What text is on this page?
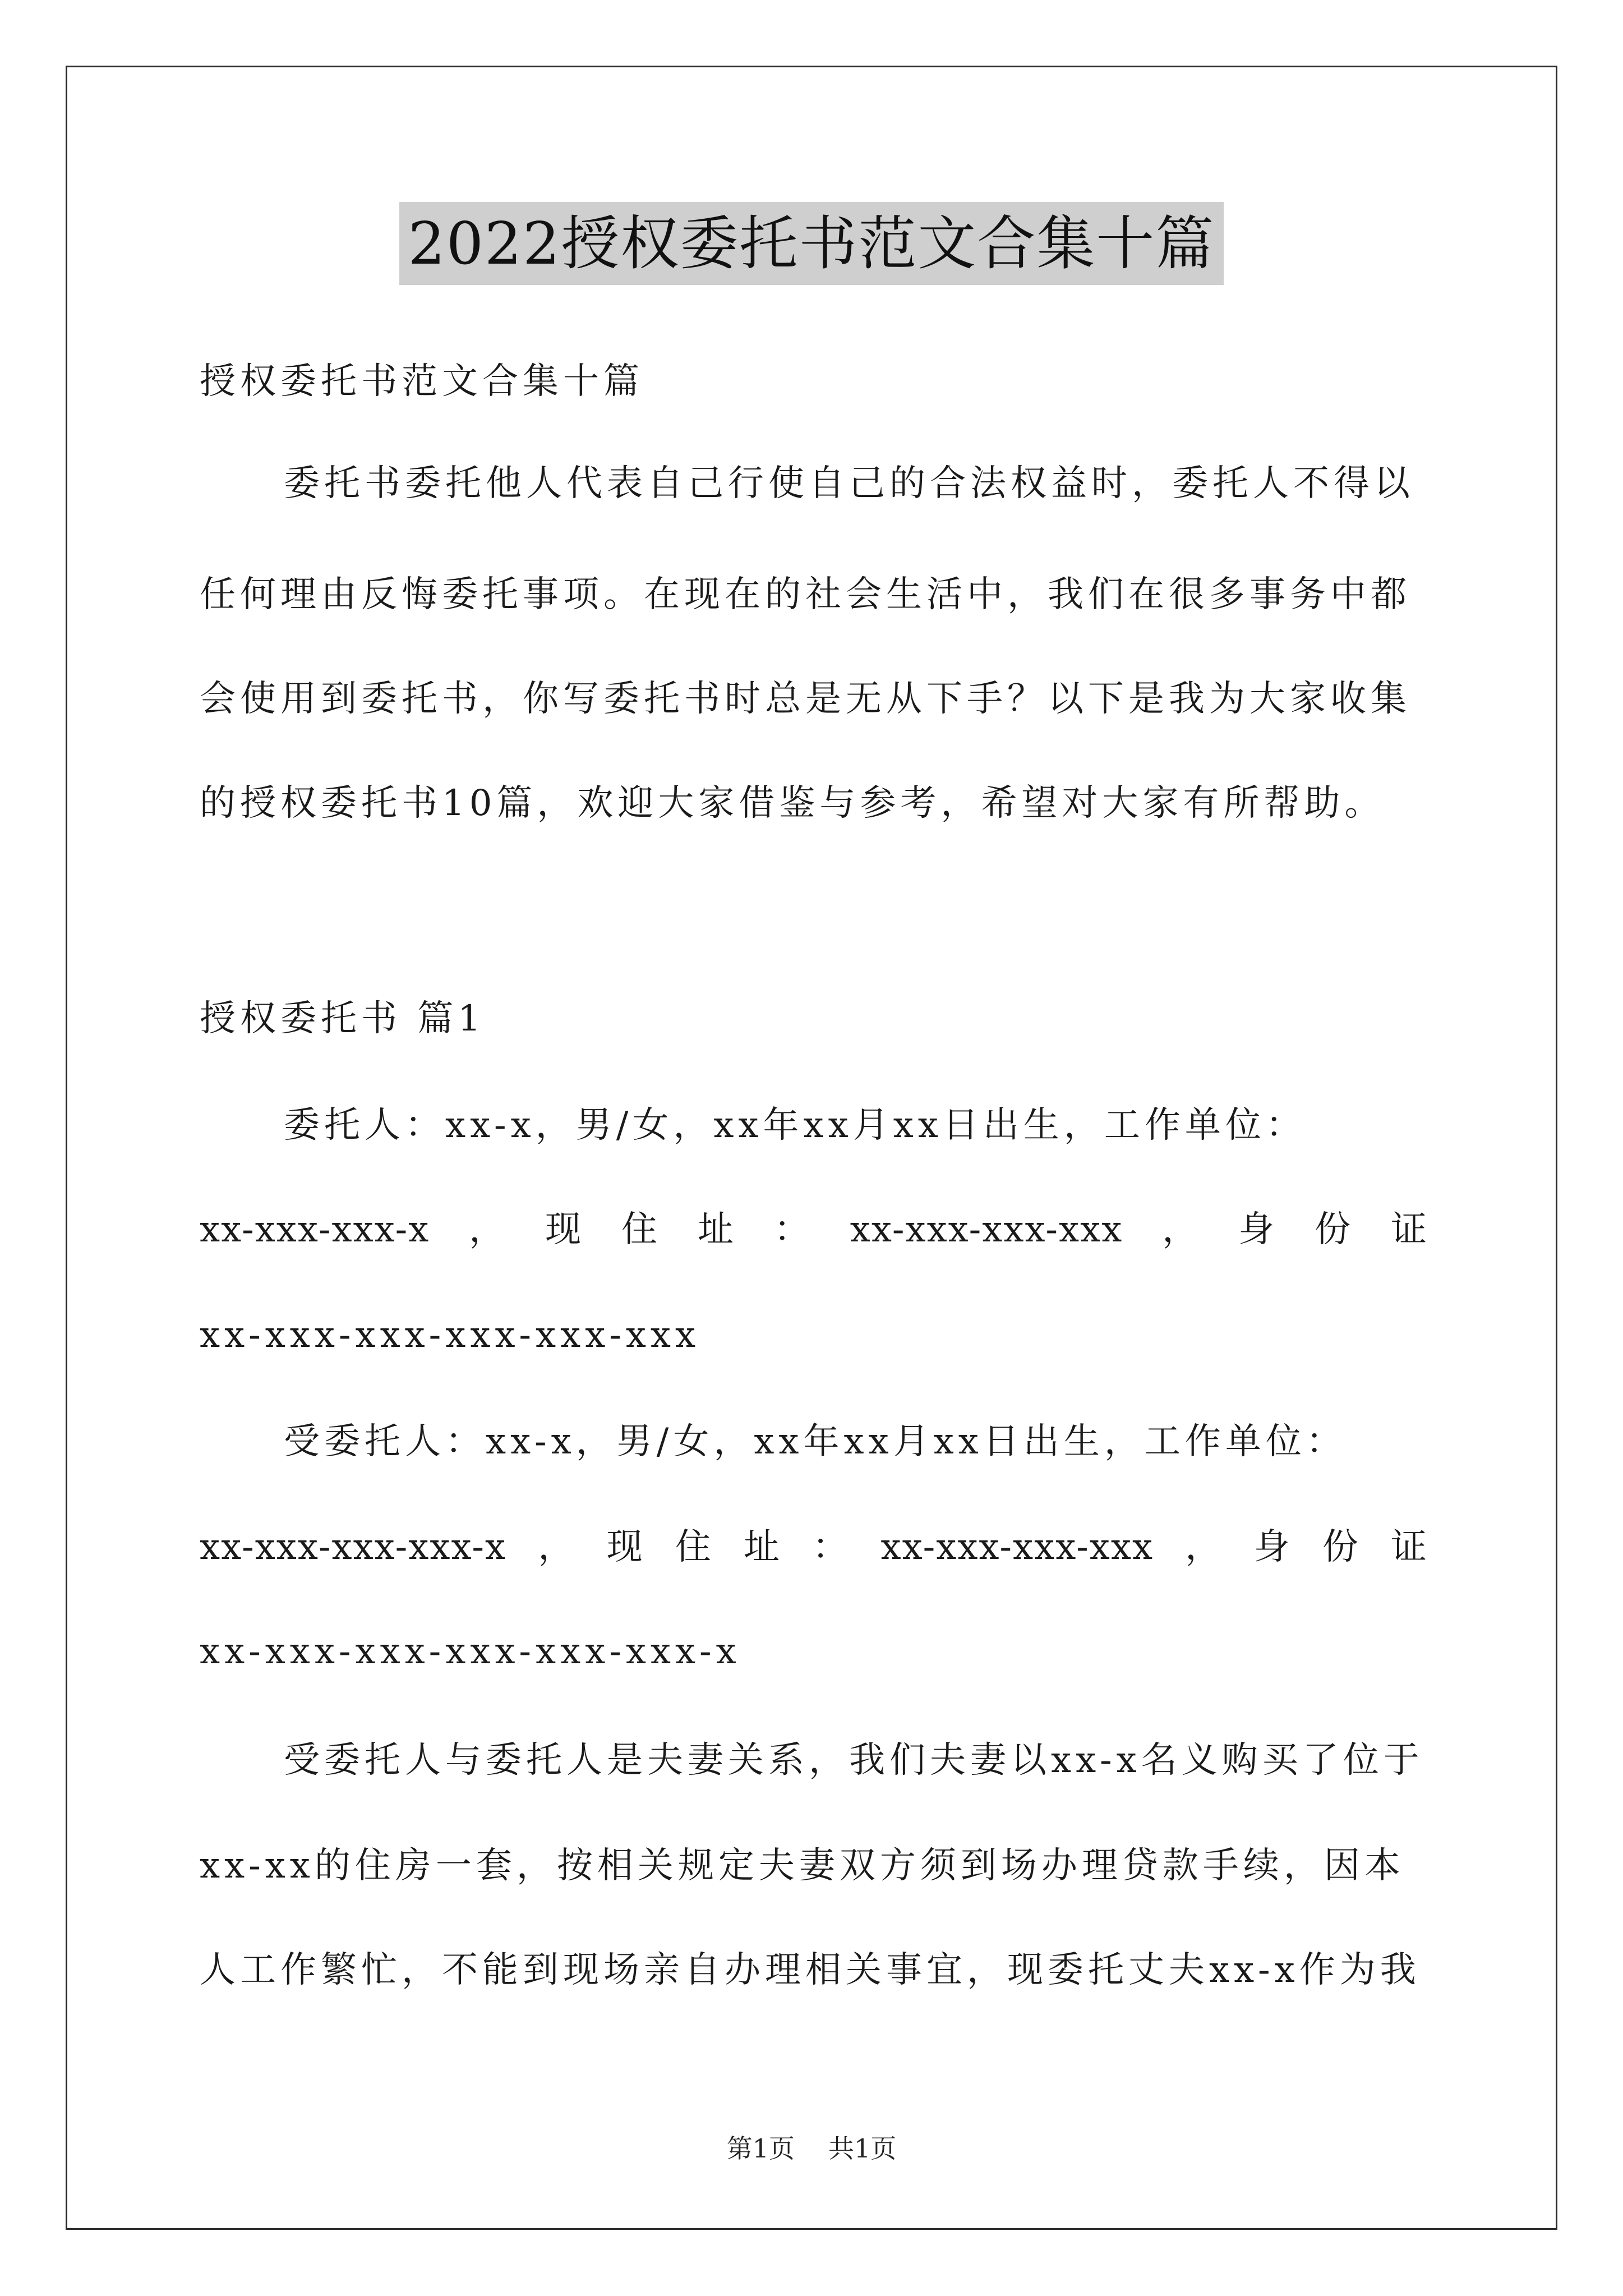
2022授权委托书范文合集十篇
授权委托书范文合集十篇
委托书委托他人代表自己行使自己的合法权益时，委托人不得以
任何理由反悔委托事项。在现在的社会生活中，我们在很多事务中都
会使用到委托书，你写委托书时总是无从下手？以下是我为大家收集
的授权委托书10篇，欢迎大家借鉴与参考，希望对大家有所帮助。
授权委托书 篇1
委托人：xx-x，男/女，xx年xx月xx日出生，工作单位：
xx-xxx-xxx-x ， 现 住 址 ： xx-xxx-xxx-xxx ， 身 份 证
xx-xxx-xxx-xxx-xxx-xxx
受委托人：xx-x，男/女，xx年xx月xx日出生，工作单位：
xx-xxx-xxx-xxx-x ， 现 住 址 ： xx-xxx-xxx-xxx ， 身 份 证
xx-xxx-xxx-xxx-xxx-xxx-x
受委托人与委托人是夫妻关系，我们夫妻以xx-x名义购买了位于
xx-xx的住房一套，按相关规定夫妻双方须到场办理贷款手续，因本
人工作繁忙，不能到现场亲自办理相关事宜，现委托丈夫xx-x作为我
第1页 共1页
